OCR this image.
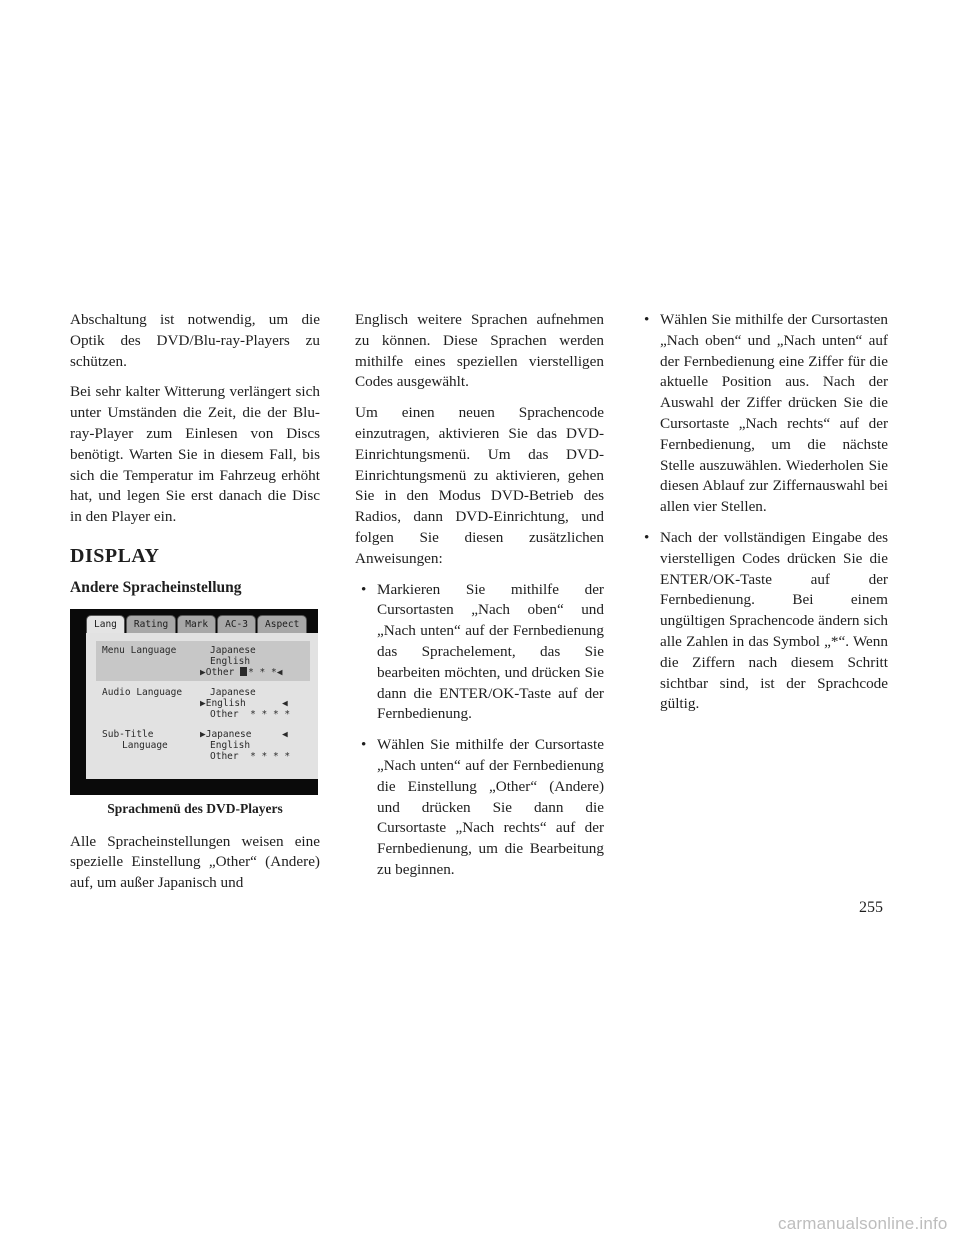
Abschaltung ist notwendig, um die Optik des DVD/Blu-ray-Players zu schützen.

Bei sehr kalter Witterung verlängert sich unter Umständen die Zeit, die der Blu-ray-Player zum Einlesen von Discs benötigt. Warten Sie in diesem Fall, bis sich die Temperatur im Fahrzeug erhöht hat, und legen Sie erst danach die Disc in den Player ein.

DISPLAY
Andere Spracheinstellung
Lang	Rating	Mark	AC-3	Aspect
Menu Language	Japanese
English
▶Other * * *◀
Audio Language	Japanese
▶English	◀
Other * * * *
Sub-Title
Language
▶Japanese	◀
English
Other * * * *
Sprachmenü des DVD-Players

Alle Spracheinstellungen weisen eine spezielle Einstellung „Other“ (Andere) auf, um außer Japanisch und

Englisch weitere Sprachen aufnehmen zu können. Diese Sprachen werden mithilfe eines speziellen vierstelligen Codes ausgewählt.

Um einen neuen Sprachencode einzutragen, aktivieren Sie das DVD-Einrichtungsmenü. Um das DVD-Einrichtungsmenü zu aktivieren, gehen Sie in den Modus DVD-Betrieb des Radios, dann DVD-Einrichtung, und folgen Sie diesen zusätzlichen Anweisungen:

• Markieren Sie mithilfe der Cursortasten „Nach oben“ und „Nach unten“ auf der Fernbedienung das Sprachelement, das Sie bearbeiten möchten, und drücken Sie dann die ENTER/OK-Taste auf der Fernbedienung.
• Wählen Sie mithilfe der Cursortaste „Nach unten“ auf der Fernbedienung die Einstellung „Other“ (Andere) und drücken Sie dann die Cursortaste „Nach rechts“ auf der Fernbedienung, um die Bearbeitung zu beginnen.
• Wählen Sie mithilfe der Cursortasten „Nach oben“ und „Nach unten“ auf der Fernbedienung eine Ziffer für die aktuelle Position aus. Nach der Auswahl der Ziffer drücken Sie die Cursortaste „Nach rechts“ auf der Fernbedienung, um die nächste Stelle auszuwählen. Wiederholen Sie diesen Ablauf zur Ziffernauswahl bei allen vier Stellen.
• Nach der vollständigen Eingabe des vierstelligen Codes drücken Sie die ENTER/OK-Taste auf der Fernbedienung. Bei einem ungültigen Sprachencode ändern sich alle Zahlen in das Symbol „*“. Wenn die Ziffern nach diesem Schritt sichtbar sind, ist der Sprachcode gültig.
255
carmanualsonline.info
